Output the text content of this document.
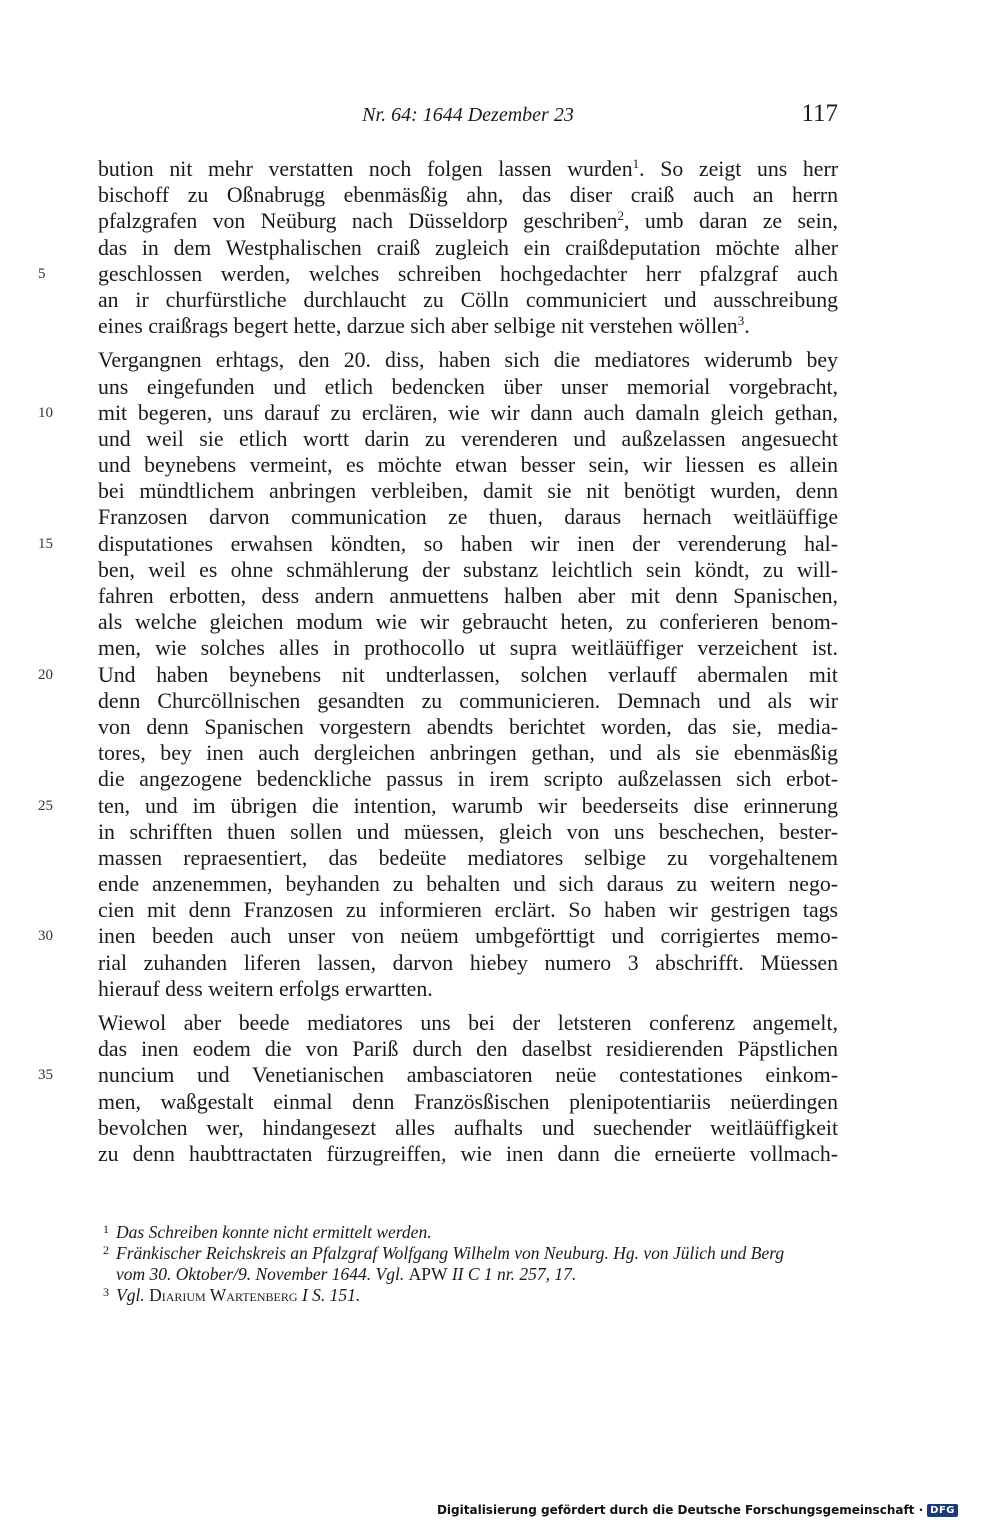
Nr. 64: 1644 Dezember 23	117
bution nit mehr verstatten noch folgen lassen wurden$^1$. So zeigt uns herr
bischoff zu Oßnabrugg ebenmäsßig ahn, das diser craiß auch an herrn
pfalzgrafen von Neüburg nach Düsseldorp geschriben$^2$, umb daran ze sein,
das in dem Westphalischen craiß zugleich ein craißdeputation möchte alher
5	geschlossen werden, welches schreiben hochgedachter herr pfalzgraf auch
an ir churfürstliche durchlaucht zu Cölln communiciert und ausschreibung
eines craißrags begert hette, darzue sich aber selbige nit verstehen wöllen$^3$.
Vergangnen erhtags, den 20. diss, haben sich die mediatores widerumb bey
uns eingefunden und etlich bedencken über unser memorial vorgebracht,
10	mit begeren, uns darauf zu erclären, wie wir dann auch damaln gleich gethan,
und weil sie etlich wortt darin zu verenderen und außzelassen angesuecht
und beynebens vermeint, es möchte etwan besser sein, wir liessen es allein
bei mündtlichem anbringen verbleiben, damit sie nit benötigt wurden, denn
Franzosen darvon communication ze thuen, daraus hernach weitläüffige
15	disputationes erwahsen köndten, so haben wir inen der verenderung hal-
ben, weil es ohne schmählerung der substanz leichtlich sein köndt, zu will-
fahren erbotten, dess andern anmuettens halben aber mit denn Spanischen,
als welche gleichen modum wie wir gebraucht heten, zu conferieren benom-
men, wie solches alles in prothocollo ut supra weitläüffiger verzeichent ist.
20	Und haben beynebens nit undterlassen, solchen verlauff abermalen mit
denn Churcöllnischen gesandten zu communicieren. Demnach und als wir
von denn Spanischen vorgestern abendts berichtet worden, das sie, media-
tores, bey inen auch dergleichen anbringen gethan, und als sie ebenmäsßig
die angezogene bedenckliche passus in irem scripto außzelassen sich erbot-
25	ten, und im übrigen die intention, warumb wir beederseits dise erinnerung
in schrifften thuen sollen und müessen, gleich von uns beschechen, bester-
massen repraesentiert, das bedeüte mediatores selbige zu vorgehaltenem
ende anzenemmen, beyhanden zu behalten und sich daraus zu weitern nego-
cien mit denn Franzosen zu informieren erclärt. So haben wir gestrigen tags
30	inen beeden auch unser von neüem umbgeförttigt und corrigiertes memo-
rial zuhanden liferen lassen, darvon hiebey numero 3 abschrifft. Müessen
hierauf dess weitern erfolgs erwartten.
Wiewol aber beede mediatores uns bei der letsteren conferenz angemelt,
das inen eodem die von Pariß durch den daselbst residierenden Päpstlichen
35	nuncium und Venetianischen ambasciatoren neüe contestationes einkom-
men, waßgestalt einmal denn Französßischen plenipotentiariis neüerdingen
bevolchen wer, hindangesezt alles aufhalts und suechender weitläüffigkeit
zu denn haubttractaten fürzugreiffen, wie inen dann die erneüerte vollmach-
1 Das Schreiben konnte nicht ermittelt werden.
2 Fränkischer Reichskreis an Pfalzgraf Wolfgang Wilhelm von Neuburg. Hg. von Jülich und Berg
vom 30. Oktober/9. November 1644. Vgl. APW II C 1 nr. 257, 17.
3 Vgl. Diarium Wartenberg I S. 151.
Digitalisierung gefördert durch die Deutsche Forschungsgemeinschaft · DFG
